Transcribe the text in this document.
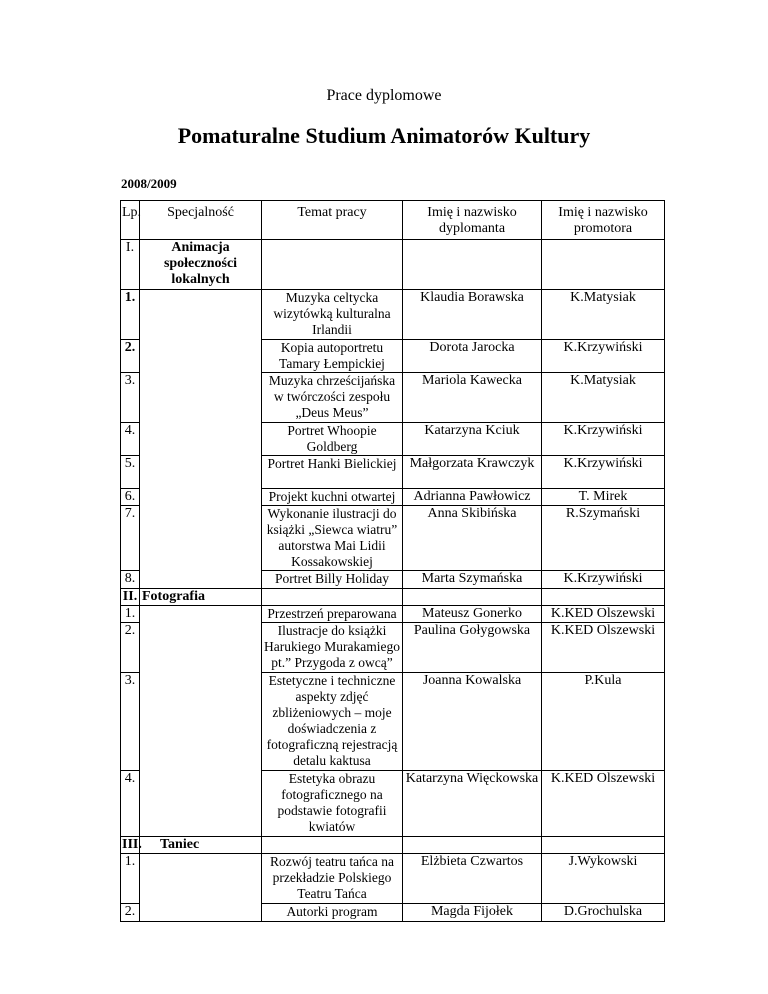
Prace dyplomowe
Pomaturalne Studium Animatorów Kultury
2008/2009
Lp.	Specjalność	Temat pracy	Imię i nazwisko dyplomanta	Imię i nazwisko promotora
I.	Animacja społeczności lokalnych			
1.		Muzyka celtycka wizytówką kulturalna Irlandii	Klaudia Borawska	K.Matysiak
2.		Kopia autoportretu Tamary Łempickiej	Dorota Jarocka	K.Krzywiński
3.		Muzyka chrześcijańska w twórczości zespołu „Deus Meus”	Mariola Kawecka	K.Matysiak
4.		Portret Whoopie Goldberg	Katarzyna Kciuk	K.Krzywiński
5.		Portret Hanki Bielickiej	Małgorzata Krawczyk	K.Krzywiński
6.		Projekt kuchni otwartej	Adrianna Pawłowicz	T. Mirek
7.		Wykonanie ilustracji do książki „Siewca wiatru” autorstwa Mai Lidii Kossakowskiej	Anna Skibińska	R.Szymański
8.		Portret Billy Holiday	Marta Szymańska	K.Krzywiński
II.	Fotografia			
1.		Przestrzeń preparowana	Mateusz Gonerko	K.KED Olszewski
2.		Ilustracje do książki Harukiego Murakamiego pt.” Przygoda z owcą”	Paulina Gołygowska	K.KED Olszewski
3.		Estetyczne i techniczne aspekty zdjęć zbliżeniowych – moje doświadczenia z fotograficzną rejestracją detalu kaktusa	Joanna Kowalska	P.Kula
4.		Estetyka obrazu fotograficznego na podstawie fotografii kwiatów	Katarzyna Więckowska	K.KED Olszewski
III.	Taniec			
1.		Rozwój teatru tańca na przekładzie Polskiego Teatru Tańca	Elżbieta Czwartos	J.Wykowski
2.		Autorki program	Magda Fijołek	D.Grochulska
